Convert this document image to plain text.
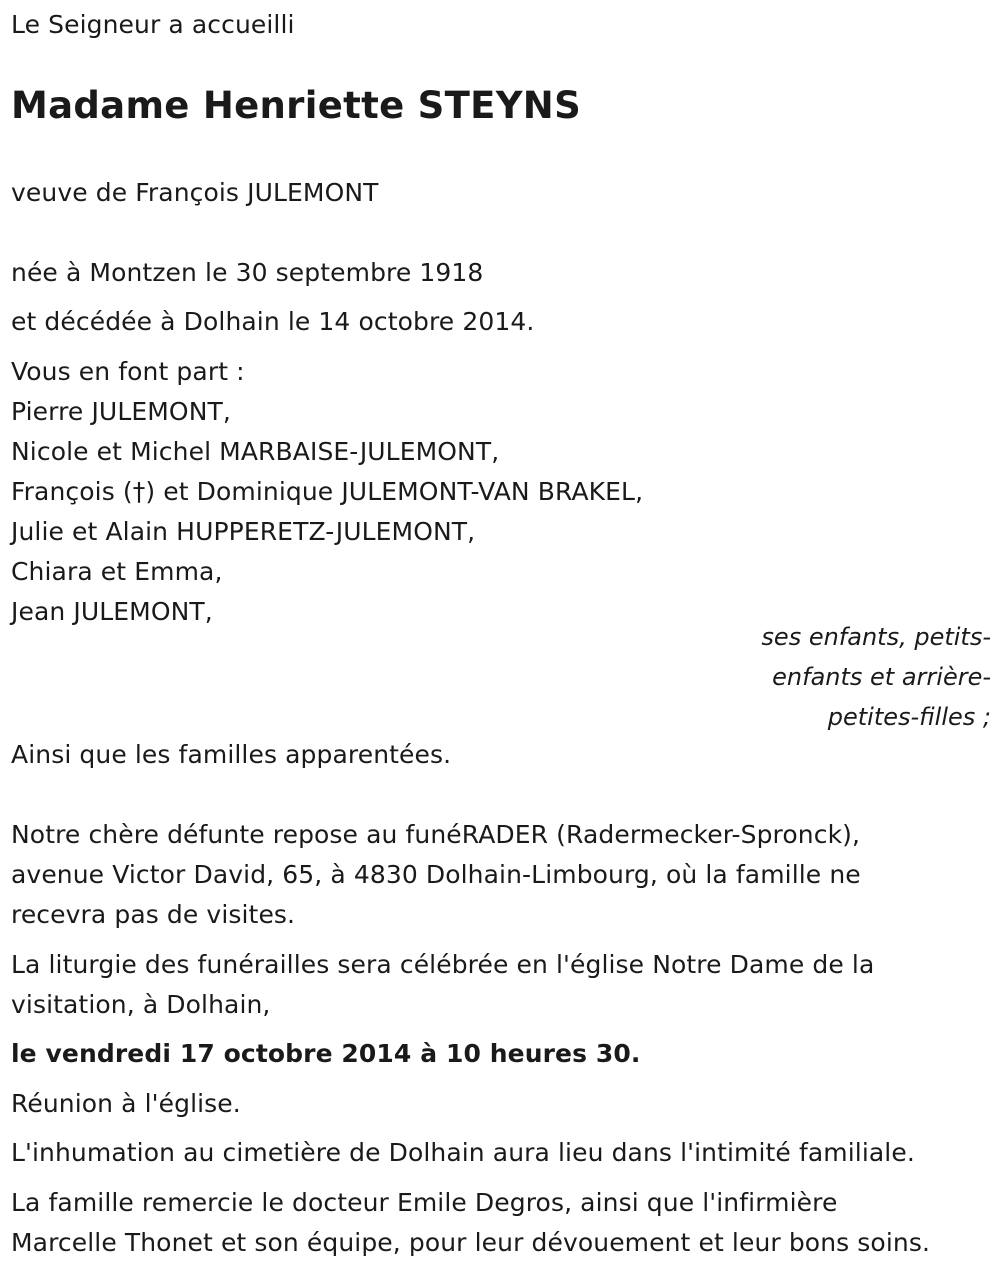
Le Seigneur a accueilli
Madame Henriette STEYNS
veuve de François JULEMONT
née à Montzen le 30 septembre 1918
et décédée à Dolhain le 14 octobre 2014.
Vous en font part :
Pierre JULEMONT,
Nicole et Michel MARBAISE-JULEMONT,
François (†) et Dominique JULEMONT-VAN BRAKEL,
Julie et Alain HUPPERETZ-JULEMONT,
Chiara et Emma,
Jean JULEMONT,
ses enfants, petits-enfants et arrière-petites-filles ;
Ainsi que les familles apparentées.
Notre chère défunte repose au funéRADER (Radermecker-Spronck),
avenue Victor David, 65, à 4830 Dolhain-Limbourg, où la famille ne
recevra pas de visites.
La liturgie des funérailles sera célébrée en l'église Notre Dame de la
visitation, à Dolhain,
le vendredi 17 octobre 2014 à 10 heures 30.
Réunion à l'église.
L'inhumation au cimetière de Dolhain aura lieu dans l'intimité familiale.
La famille remercie le docteur Emile Degros, ainsi que l'infirmière
Marcelle Thonet et son équipe, pour leur dévouement et leur bons soins.
